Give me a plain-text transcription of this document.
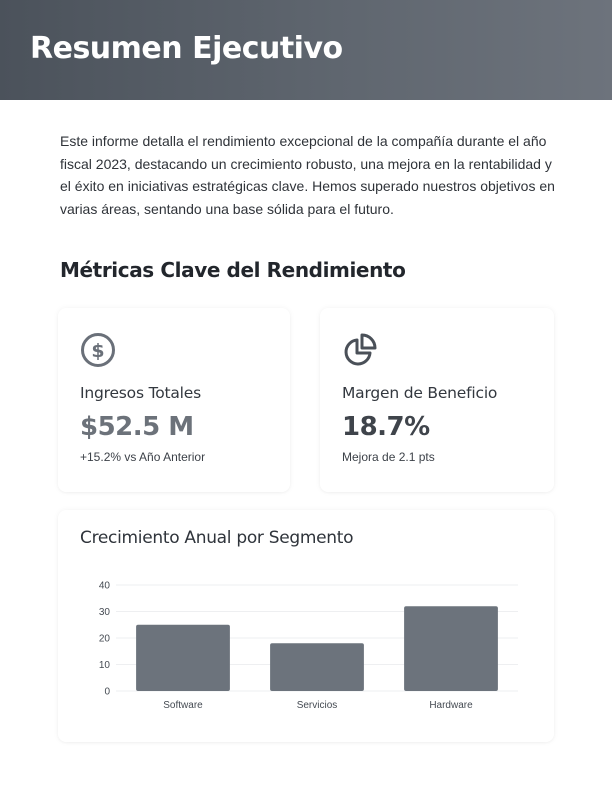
Resumen Ejecutivo

Este informe detalla el rendimiento excepcional de la compañía durante el año fiscal 2023, destacando un crecimiento robusto, una mejora en la rentabilidad y el éxito en iniciativas estratégicas clave. Hemos superado nuestros objetivos en varias áreas, sentando una base sólida para el futuro.

Métricas Clave del Rendimiento
$
Ingresos Totales
$52.5 M
+15.2% vs Año Anterior
Margen de Beneficio
18.7%
Mejora de 2.1 pts
Crecimiento Anual por Segmento
0
10
20
30
40
Software	Servicios	Hardware
